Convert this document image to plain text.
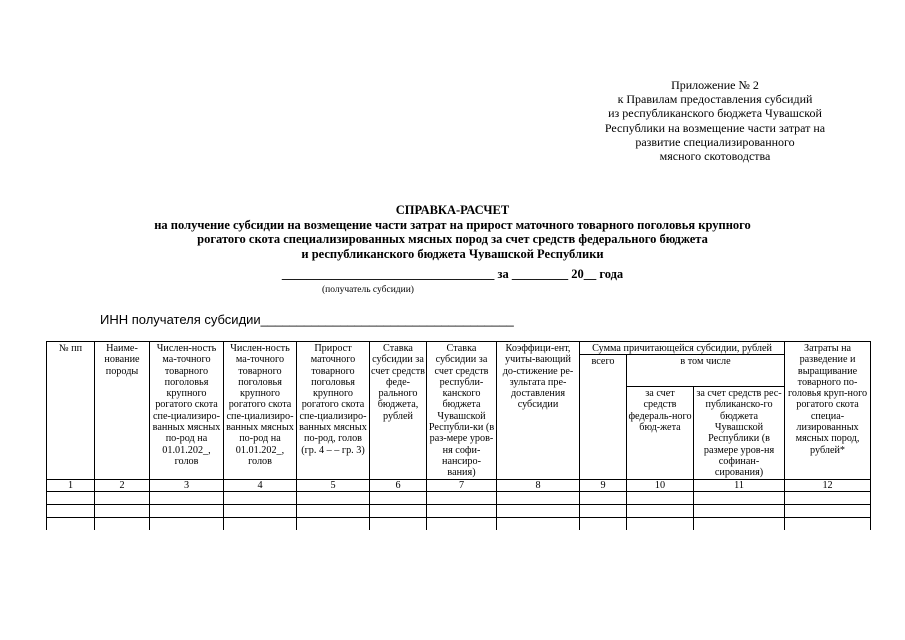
Приложение № 2
к Правилам предоставления субсидий
из республиканского бюджета Чувашской
Республики на возмещение части затрат на
развитие специализированного
мясного скотоводства
СПРАВКА-РАСЧЕТ
на получение субсидии на возмещение части затрат на прирост маточного товарного поголовья крупного
рогатого скота специализированных мясных пород за счет средств федерального бюджета
и республиканского бюджета Чувашской Республики
__________________________________ за _________ 20__ года
(получатель субсидии)
ИНН получателя субсидии___________________________________
№ пп	Наиме-нование породы	Числен-ность ма-точного товарного поголовья крупного рогатого скота спе-циализиро-ванных мясных по-род на 01.01.202_, голов	Числен-ность ма-точного товарного поголовья крупного рогатого скота спе-циализиро-ванных мясных по-род на 01.01.202_, голов	Прирост маточного товарного поголовья крупного рогатого скота спе-циализиро-ванных мясных по-род, голов (гр. 4 – – гр. 3)	Ставка субсидии за счет средств феде-рального бюджета, рублей	Ставка субсидии за счет средств республи-канского бюджета Чувашской Республи-ки (в раз-мере уров-ня софи-нансиро-вания)	Коэффици-ент, учиты-вающий до-стижение ре-зультата пре-доставления субсидии	Сумма причитающейся субсидии, рублей			Затраты на разведение и выращивание товарного по-головья круп-ного рогатого скота специа-лизированных мясных пород, рублей*
								всего	в том числе		
									за счет средств федераль-ного бюд-жета	за счет средств рес-публиканско-го бюджета Чувашской Республики (в размере уров-ня софинан-сирования)	
1	2	3	4	5	6	7	8	9	10	11	12
